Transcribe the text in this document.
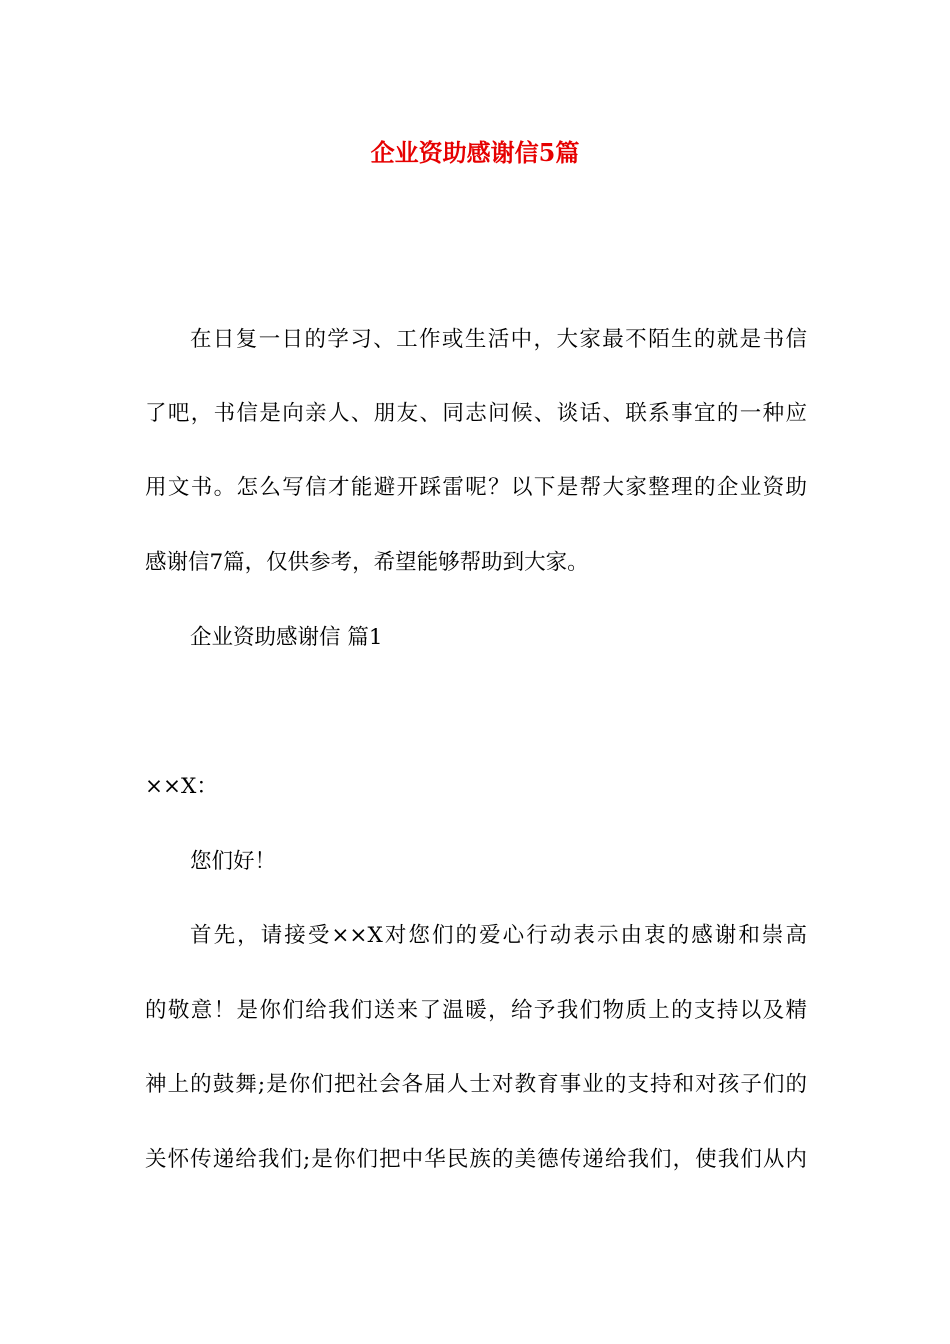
企业资助感谢信5篇
在日复一日的学习、工作或生活中，大家最不陌生的就是书信
了吧，书信是向亲人、朋友、同志问候、谈话、联系事宜的一种应
用文书。怎么写信才能避开踩雷呢？以下是帮大家整理的企业资助
感谢信7篇，仅供参考，希望能够帮助到大家。
企业资助感谢信 篇1
××X：
您们好！
首先，请接受××X对您们的爱心行动表示由衷的感谢和崇高
的敬意！是你们给我们送来了温暖，给予我们物质上的支持以及精
神上的鼓舞;是你们把社会各届人士对教育事业的支持和对孩子们的
关怀传递给我们;是你们把中华民族的美德传递给我们，使我们从内
